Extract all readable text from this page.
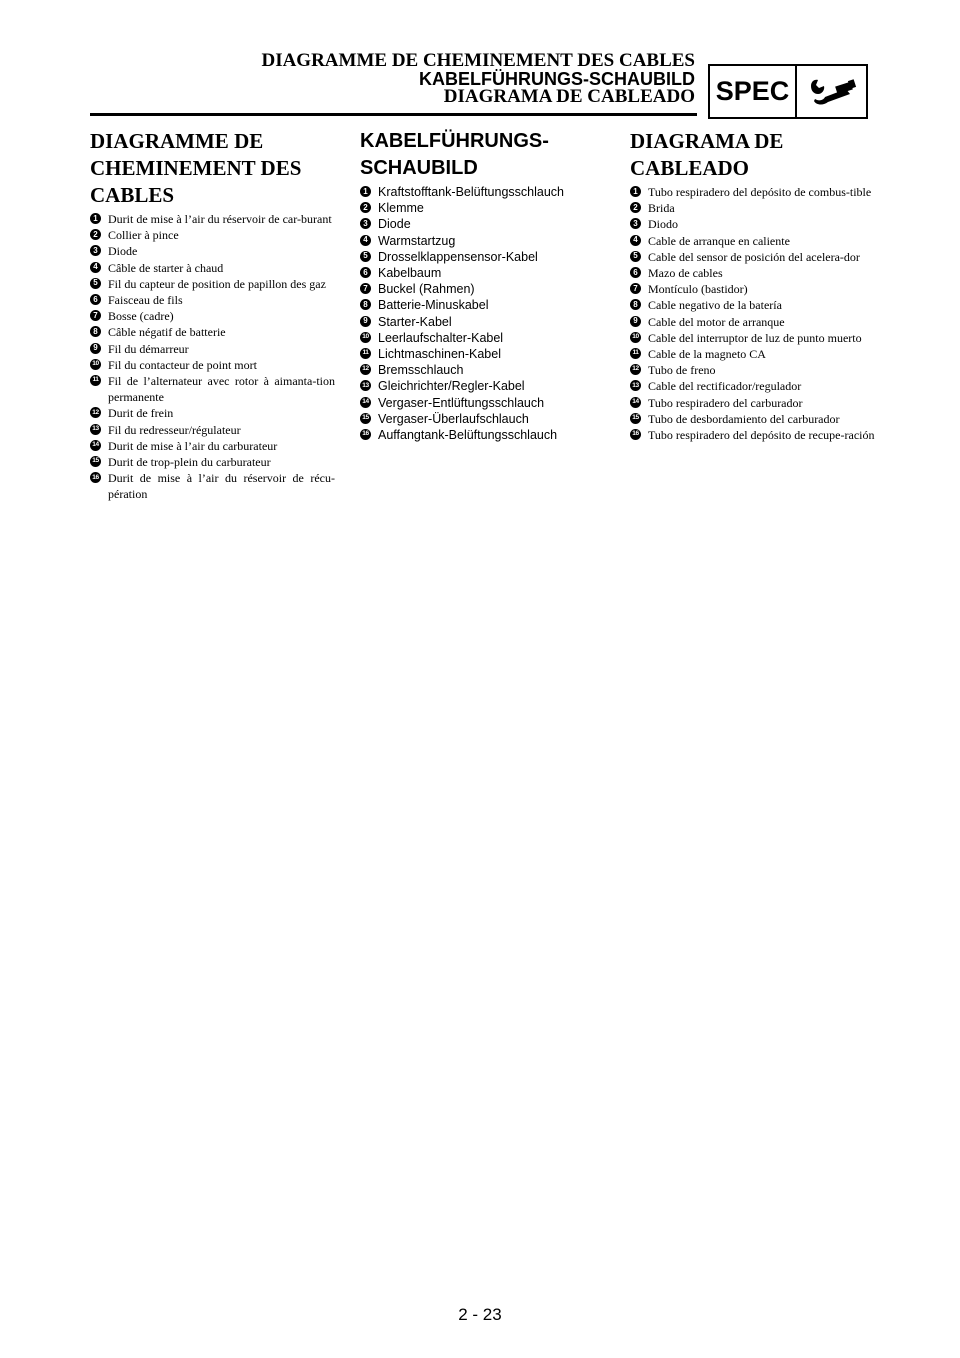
DIAGRAMME DE CHEMINEMENT DES CABLES
KABELFÜHRUNGS-SCHAUBILD
DIAGRAMA DE CABLEADO SPEC
DIAGRAMME DE
CHEMINEMENT DES
CABLES
1 Durit de mise à l’air du réservoir de car-burant
2 Collier à pince
3 Diode
4 Câble de starter à chaud
5 Fil du capteur de position de papillon des gaz
6 Faisceau de fils
7 Bosse (cadre)
8 Câble négatif de batterie
9 Fil du démarreur
10 Fil du contacteur de point mort
11 Fil de l’alternateur avec rotor à aimanta-tion permanente
12 Durit de frein
13 Fil du redresseur/régulateur
14 Durit de mise à l’air du carburateur
15 Durit de trop-plein du carburateur
16 Durit de mise à l’air du réservoir de récu-pération
KABELFÜHRUNGS-
SCHAUBILD
1 Kraftstofftank-Belüftungsschlauch
2 Klemme
3 Diode
4 Warmstartzug
5 Drosselklappensensor-Kabel
6 Kabelbaum
7 Buckel (Rahmen)
8 Batterie-Minuskabel
9 Starter-Kabel
10 Leerlaufschalter-Kabel
11 Lichtmaschinen-Kabel
12 Bremsschlauch
13 Gleichrichter/Regler-Kabel
14 Vergaser-Entlüftungsschlauch
15 Vergaser-Überlaufschlauch
16 Auffangtank-Belüftungsschlauch
DIAGRAMA DE
CABLEADO
1 Tubo respiradero del depósito de combus-tible
2 Brida
3 Diodo
4 Cable de arranque en caliente
5 Cable del sensor de posición del acelera-dor
6 Mazo de cables
7 Montículo (bastidor)
8 Cable negativo de la batería
9 Cable del motor de arranque
10 Cable del interruptor de luz de punto muerto
11 Cable de la magneto CA
12 Tubo de freno
13 Cable del rectificador/regulador
14 Tubo respiradero del carburador
15 Tubo de desbordamiento del carburador
16 Tubo respiradero del depósito de recupe-ración
2 - 23
